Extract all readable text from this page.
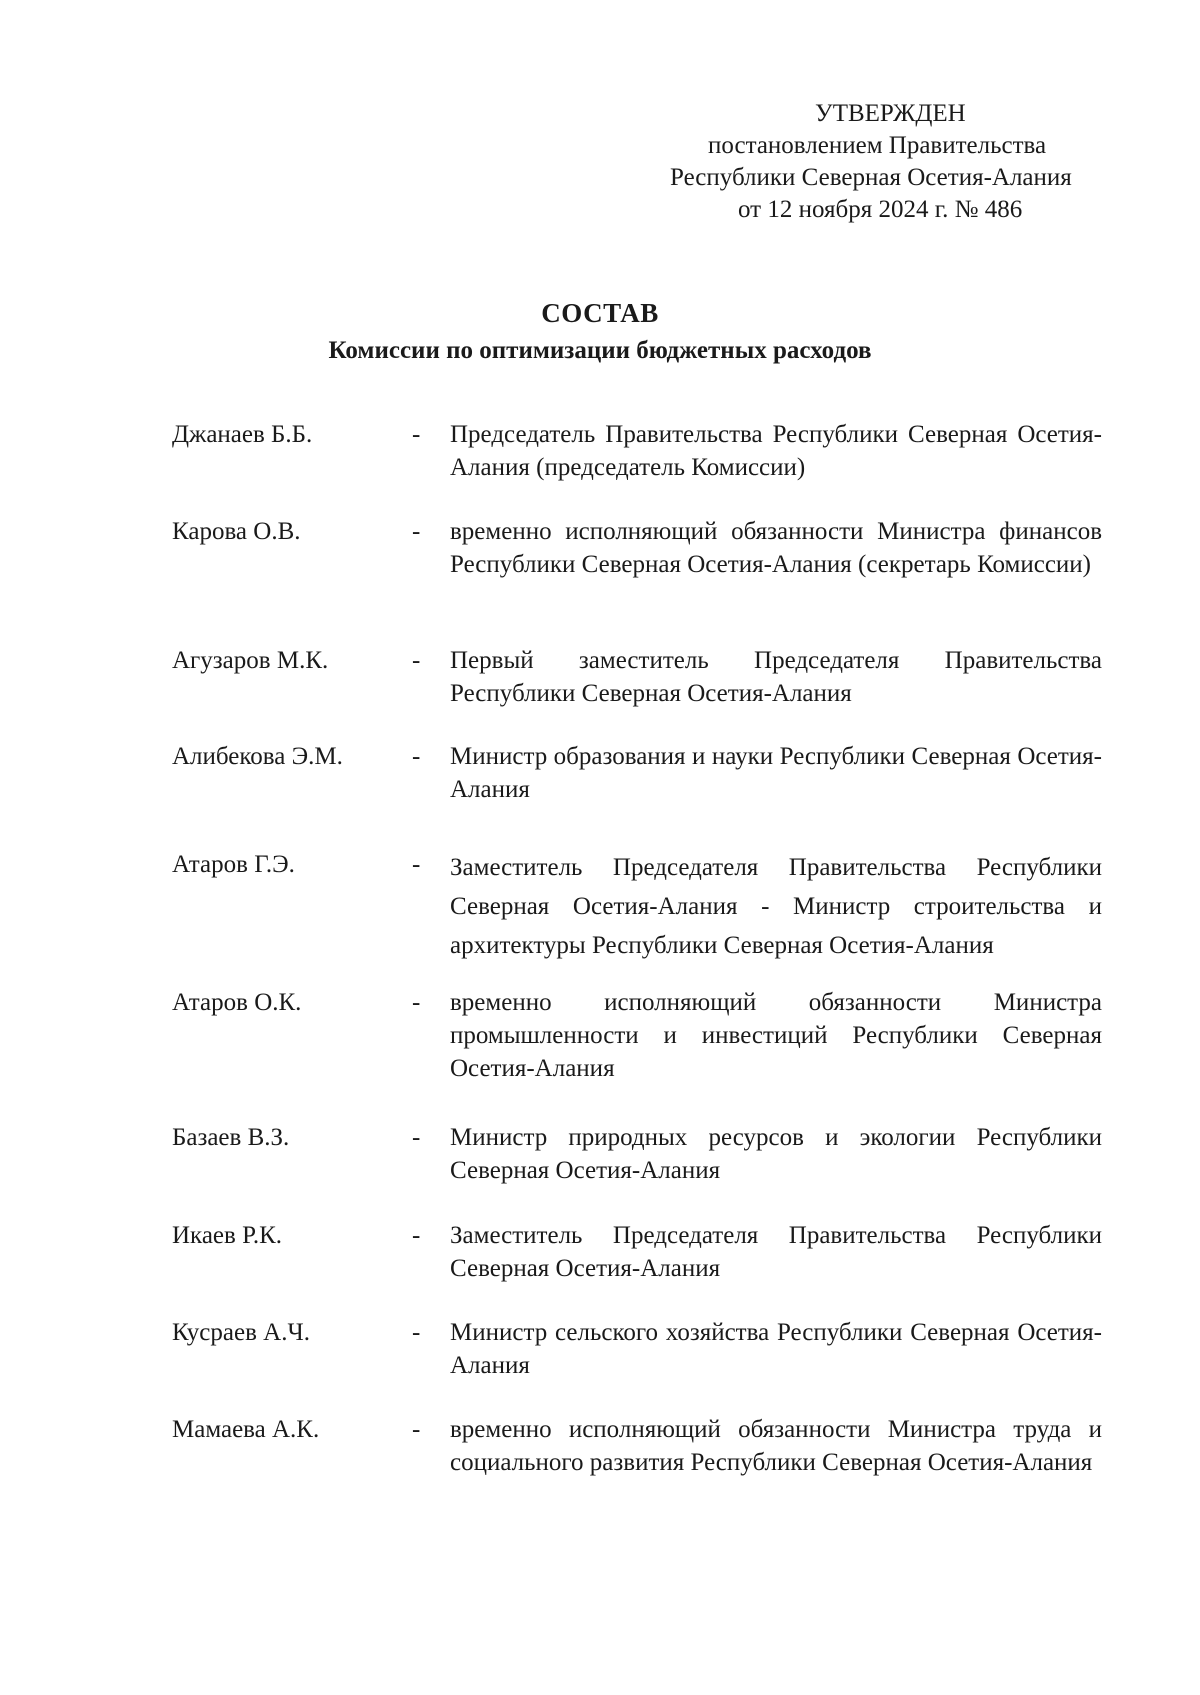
УТВЕРЖДЕН
постановлением Правительства
Республики Северная Осетия-Алания
от 12 ноября 2024 г. № 486
СОСТАВ
Комиссии по оптимизации бюджетных расходов
Джанаев Б.Б.	- Председатель Правительства Республики Северная Осетия-Алания (председатель Комиссии)
Карова О.В.	- временно исполняющий обязанности Министра финансов Республики Северная Осетия-Алания (секретарь Комиссии)
Агузаров М.К.	- Первый заместитель Председателя Правительства Республики Северная Осетия-Алания
Алибекова Э.М.	- Министр образования и науки Республики Северная Осетия-Алания
Атаров Г.Э.	- Заместитель Председателя Правительства Республики Северная Осетия-Алания - Министр строительства и архитектуры Республики Северная Осетия-Алания
Атаров О.К.	- временно исполняющий обязанности Министра промышленности и инвестиций Республики Северная Осетия-Алания
Базаев В.З.	- Министр природных ресурсов и экологии Республики Северная Осетия-Алания
Икаев Р.К.	- Заместитель Председателя Правительства Республики Северная Осетия-Алания
Кусраев А.Ч.	- Министр сельского хозяйства Республики Северная Осетия-Алания
Мамаева А.К.	- временно исполняющий обязанности Министра труда и социального развития Республики Северная Осетия-Алания
